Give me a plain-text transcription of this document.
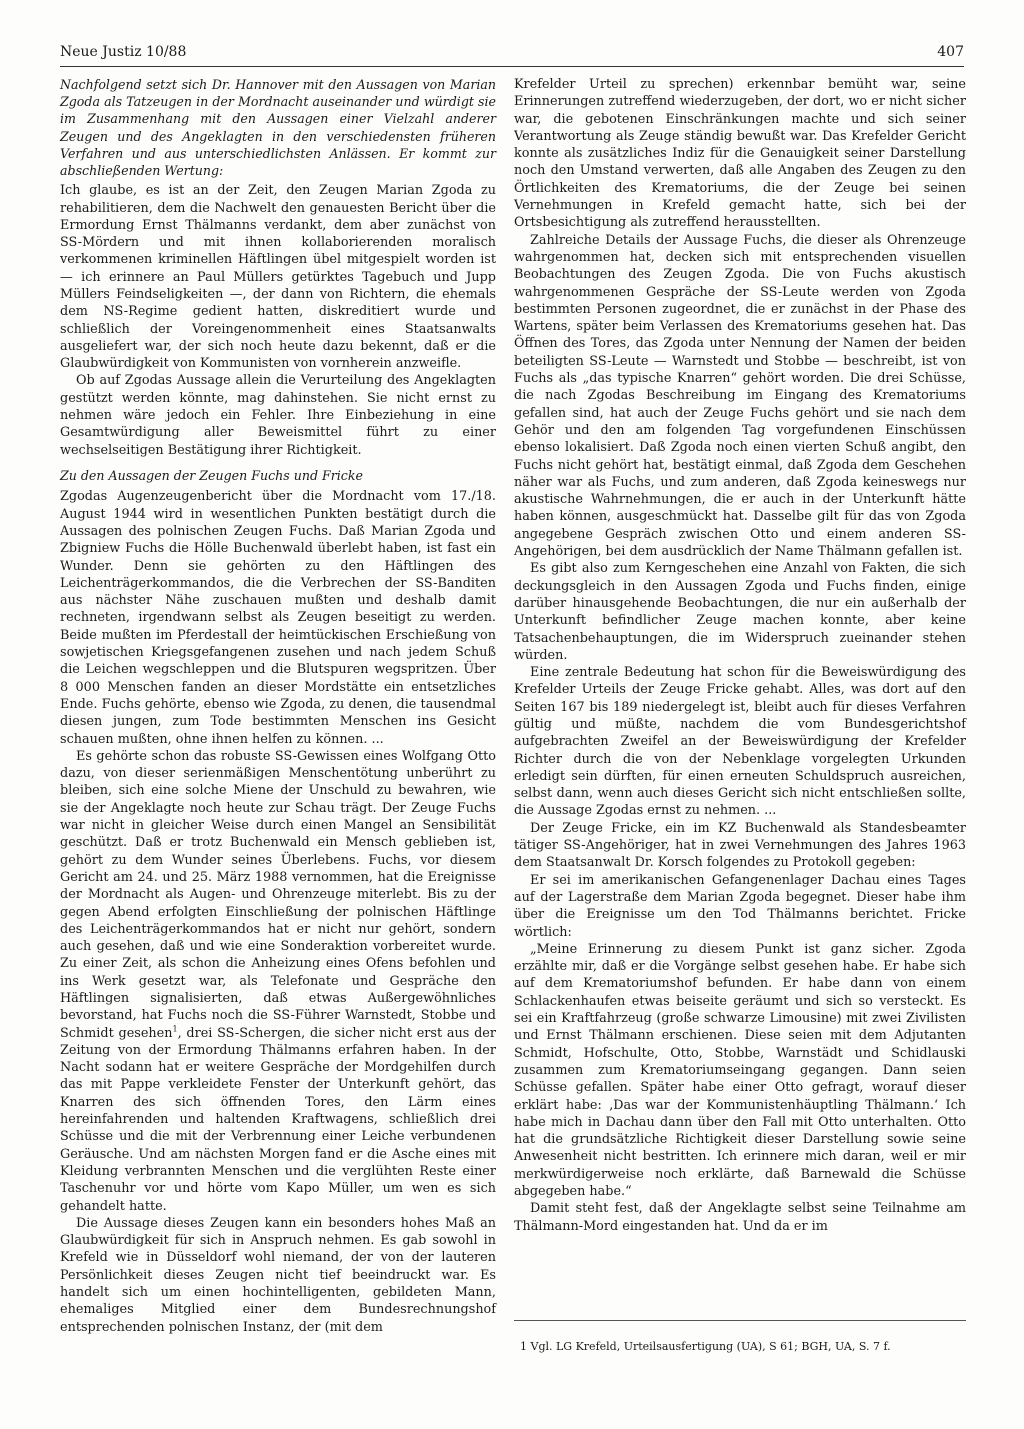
Neue Justiz 10/88	407

Nachfolgend setzt sich Dr. Hannover mit den Aussagen von Marian Zgoda als Tatzeugen in der Mordnacht auseinander und würdigt sie im Zusammenhang mit den Aussagen einer Vielzahl anderer Zeugen und des Angeklagten in den verschiedensten früheren Verfahren und aus unterschiedlichsten Anlässen. Er kommt zur abschließenden Wertung:

Ich glaube, es ist an der Zeit, den Zeugen Marian Zgoda zu rehabilitieren, dem die Nachwelt den genauesten Bericht über die Ermordung Ernst Thälmanns verdankt, dem aber zunächst von SS-Mördern und mit ihnen kollaborierenden moralisch verkommenen kriminellen Häftlingen übel mitgespielt worden ist — ich erinnere an Paul Müllers getürktes Tagebuch und Jupp Müllers Feindseligkeiten —, der dann von Richtern, die ehemals dem NS-Regime gedient hatten, diskreditiert wurde und schließlich der Voreingenommenheit eines Staatsanwalts ausgeliefert war, der sich noch heute dazu bekennt, daß er die Glaubwürdigkeit von Kommunisten von vornherein anzweifle.

Ob auf Zgodas Aussage allein die Verurteilung des Angeklagten gestützt werden könnte, mag dahinstehen. Sie nicht ernst zu nehmen wäre jedoch ein Fehler. Ihre Einbeziehung in eine Gesamtwürdigung aller Beweismittel führt zu einer wechselseitigen Bestätigung ihrer Richtigkeit.

Zu den Aussagen der Zeugen Fuchs und Fricke

Zgodas Augenzeugenbericht über die Mordnacht vom 17./18. August 1944 wird in wesentlichen Punkten bestätigt durch die Aussagen des polnischen Zeugen Fuchs. Daß Marian Zgoda und Zbigniew Fuchs die Hölle Buchenwald überlebt haben, ist fast ein Wunder. Denn sie gehörten zu den Häftlingen des Leichenträgerkommandos, die die Verbrechen der SS-Banditen aus nächster Nähe zuschauen mußten und deshalb damit rechneten, irgendwann selbst als Zeugen beseitigt zu werden. Beide mußten im Pferdestall der heimtückischen Erschießung von sowjetischen Kriegsgefangenen zusehen und nach jedem Schuß die Leichen wegschleppen und die Blutspuren wegspritzen. Über 8 000 Menschen fanden an dieser Mordstätte ein entsetzliches Ende. Fuchs gehörte, ebenso wie Zgoda, zu denen, die tausendmal diesen jungen, zum Tode bestimmten Menschen ins Gesicht schauen mußten, ohne ihnen helfen zu können. ...

Es gehörte schon das robuste SS-Gewissen eines Wolfgang Otto dazu, von dieser serienmäßigen Menschentötung unberührt zu bleiben, sich eine solche Miene der Unschuld zu bewahren, wie sie der Angeklagte noch heute zur Schau trägt. Der Zeuge Fuchs war nicht in gleicher Weise durch einen Mangel an Sensibilität geschützt. Daß er trotz Buchenwald ein Mensch geblieben ist, gehört zu dem Wunder seines Überlebens. Fuchs, vor diesem Gericht am 24. und 25. März 1988 vernommen, hat die Ereignisse der Mordnacht als Augen- und Ohrenzeuge miterlebt. Bis zu der gegen Abend erfolgten Einschließung der polnischen Häftlinge des Leichenträgerkommandos hat er nicht nur gehört, sondern auch gesehen, daß und wie eine Sonderaktion vorbereitet wurde. Zu einer Zeit, als schon die Anheizung eines Ofens befohlen und ins Werk gesetzt war, als Telefonate und Gespräche den Häftlingen signalisierten, daß etwas Außergewöhnliches bevorstand, hat Fuchs noch die SS-Führer Warnstedt, Stobbe und Schmidt gesehen$^1$, drei SS-Schergen, die sicher nicht erst aus der Zeitung von der Ermordung Thälmanns erfahren haben. In der Nacht sodann hat er weitere Gespräche der Mordgehilfen durch das mit Pappe verkleidete Fenster der Unterkunft gehört, das Knarren des sich öffnenden Tores, den Lärm eines hereinfahrenden und haltenden Kraftwagens, schließlich drei Schüsse und die mit der Verbrennung einer Leiche verbundenen Geräusche. Und am nächsten Morgen fand er die Asche eines mit Kleidung verbrannten Menschen und die verglühten Reste einer Taschenuhr vor und hörte vom Kapo Müller, um wen es sich gehandelt hatte.

Die Aussage dieses Zeugen kann ein besonders hohes Maß an Glaubwürdigkeit für sich in Anspruch nehmen. Es gab sowohl in Krefeld wie in Düsseldorf wohl niemand, der von der lauteren Persönlichkeit dieses Zeugen nicht tief beeindruckt war. Es handelt sich um einen hochintelligenten, gebildeten Mann, ehemaliges Mitglied einer dem Bundesrechnungshof entsprechenden polnischen Instanz, der (mit dem

Krefelder Urteil zu sprechen) erkennbar bemüht war, seine Erinnerungen zutreffend wiederzugeben, der dort, wo er nicht sicher war, die gebotenen Einschränkungen machte und sich seiner Verantwortung als Zeuge ständig bewußt war. Das Krefelder Gericht konnte als zusätzliches Indiz für die Genauigkeit seiner Darstellung noch den Umstand verwerten, daß alle Angaben des Zeugen zu den Örtlichkeiten des Krematoriums, die der Zeuge bei seinen Vernehmungen in Krefeld gemacht hatte, sich bei der Ortsbesichtigung als zutreffend herausstellten.

Zahlreiche Details der Aussage Fuchs, die dieser als Ohrenzeuge wahrgenommen hat, decken sich mit entsprechenden visuellen Beobachtungen des Zeugen Zgoda. Die von Fuchs akustisch wahrgenommenen Gespräche der SS-Leute werden von Zgoda bestimmten Personen zugeordnet, die er zunächst in der Phase des Wartens, später beim Verlassen des Krematoriums gesehen hat. Das Öffnen des Tores, das Zgoda unter Nennung der Namen der beiden beteiligten SS-Leute — Warnstedt und Stobbe — beschreibt, ist von Fuchs als „das typische Knarren“ gehört worden. Die drei Schüsse, die nach Zgodas Beschreibung im Eingang des Krematoriums gefallen sind, hat auch der Zeuge Fuchs gehört und sie nach dem Gehör und den am folgenden Tag vorgefundenen Einschüssen ebenso lokalisiert. Daß Zgoda noch einen vierten Schuß angibt, den Fuchs nicht gehört hat, bestätigt einmal, daß Zgoda dem Geschehen näher war als Fuchs, und zum anderen, daß Zgoda keineswegs nur akustische Wahrnehmungen, die er auch in der Unterkunft hätte haben können, ausgeschmückt hat. Dasselbe gilt für das von Zgoda angegebene Gespräch zwischen Otto und einem anderen SS-Angehörigen, bei dem ausdrücklich der Name Thälmann gefallen ist.

Es gibt also zum Kerngeschehen eine Anzahl von Fakten, die sich deckungsgleich in den Aussagen Zgoda und Fuchs finden, einige darüber hinausgehende Beobachtungen, die nur ein außerhalb der Unterkunft befindlicher Zeuge machen konnte, aber keine Tatsachenbehauptungen, die im Widerspruch zueinander stehen würden.

Eine zentrale Bedeutung hat schon für die Beweiswürdigung des Krefelder Urteils der Zeuge Fricke gehabt. Alles, was dort auf den Seiten 167 bis 189 niedergelegt ist, bleibt auch für dieses Verfahren gültig und müßte, nachdem die vom Bundesgerichtshof aufgebrachten Zweifel an der Beweiswürdigung der Krefelder Richter durch die von der Nebenklage vorgelegten Urkunden erledigt sein dürften, für einen erneuten Schuldspruch ausreichen, selbst dann, wenn auch dieses Gericht sich nicht entschließen sollte, die Aussage Zgodas ernst zu nehmen. ...

Der Zeuge Fricke, ein im KZ Buchenwald als Standesbeamter tätiger SS-Angehöriger, hat in zwei Vernehmungen des Jahres 1963 dem Staatsanwalt Dr. Korsch folgendes zu Protokoll gegeben:

Er sei im amerikanischen Gefangenenlager Dachau eines Tages auf der Lagerstraße dem Marian Zgoda begegnet. Dieser habe ihm über die Ereignisse um den Tod Thälmanns berichtet. Fricke wörtlich:

„Meine Erinnerung zu diesem Punkt ist ganz sicher. Zgoda erzählte mir, daß er die Vorgänge selbst gesehen habe. Er habe sich auf dem Krematoriumshof befunden. Er habe dann von einem Schlackenhaufen etwas beiseite geräumt und sich so versteckt. Es sei ein Kraftfahrzeug (große schwarze Limousine) mit zwei Zivilisten und Ernst Thälmann erschienen. Diese seien mit dem Adjutanten Schmidt, Hofschulte, Otto, Stobbe, Warnstädt und Schidlauski zusammen zum Krematoriumseingang gegangen. Dann seien Schüsse gefallen. Später habe einer Otto gefragt, worauf dieser erklärt habe: ‚Das war der Kommunistenhäuptling Thälmann.‘ Ich habe mich in Dachau dann über den Fall mit Otto unterhalten. Otto hat die grundsätzliche Richtigkeit dieser Darstellung sowie seine Anwesenheit nicht bestritten. Ich erinnere mich daran, weil er mir merkwürdigerweise noch erklärte, daß Barnewald die Schüsse abgegeben habe.“

Damit steht fest, daß der Angeklagte selbst seine Teilnahme am Thälmann-Mord eingestanden hat. Und da er im

1 Vgl. LG Krefeld, Urteilsausfertigung (UA), S 61; BGH, UA, S. 7 f.
